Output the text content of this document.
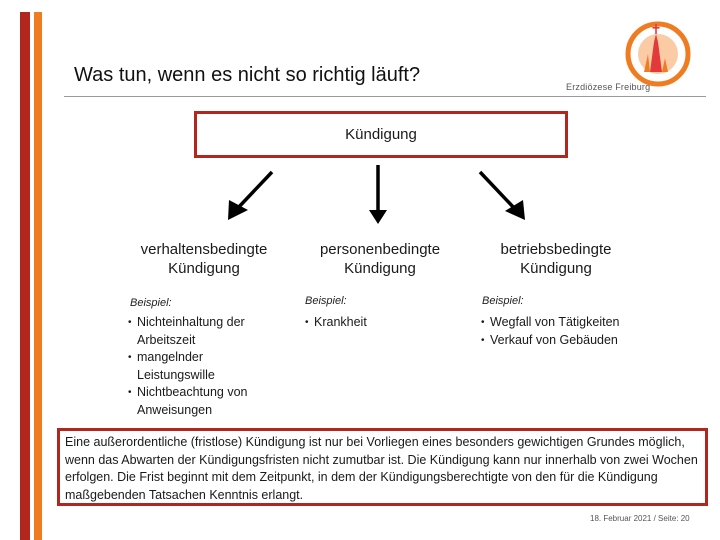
Was tun, wenn es nicht so richtig läuft?
Erzdiözese Freiburg
Kündigung
verhaltensbedingte
Kündigung
Beispiel:
• Nichteinhaltung der Arbeitszeit
• mangelnder Leistungswille
• Nichtbeachtung von Anweisungen
personenbedingte
Kündigung
Beispiel:
• Krankheit
betriebsbedingte
Kündigung
Beispiel:
• Wegfall von Tätigkeiten
• Verkauf von Gebäuden
Eine außerordentliche (fristlose) Kündigung ist nur bei Vorliegen eines besonders gewichtigen Grundes möglich, wenn das Abwarten der Kündigungsfristen nicht zumutbar ist. Die Kündigung kann nur innerhalb von zwei Wochen erfolgen. Die Frist beginnt mit dem Zeitpunkt, in dem der Kündigungsberechtigte von den für die Kündigung maßgebenden Tatsachen Kenntnis erlangt.
18. Februar 2021 / Seite: 20
